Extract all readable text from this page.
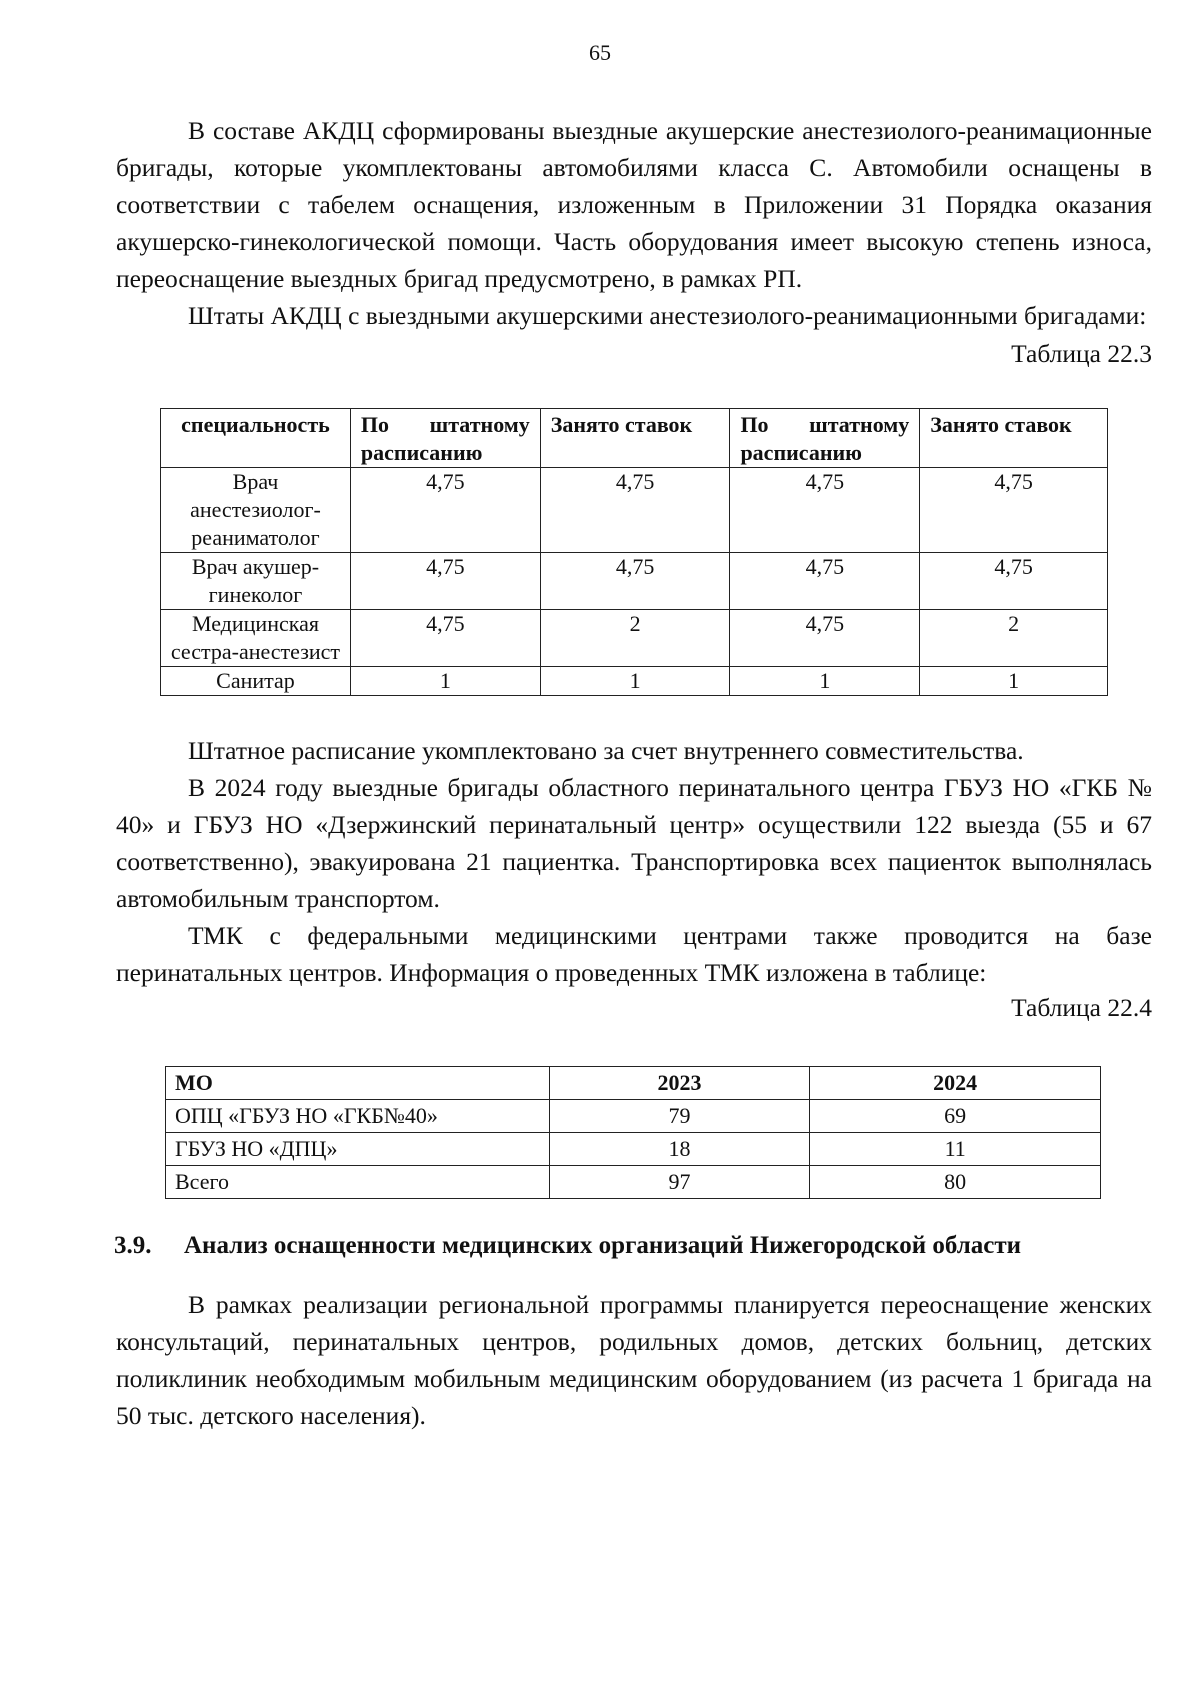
65

В составе АКДЦ сформированы выездные акушерские анестезиолого-реанимационные бригады, которые укомплектованы автомобилями класса С. Автомобили оснащены в соответствии с табелем оснащения, изложенным в Приложении 31 Порядка оказания акушерско-гинекологической помощи. Часть оборудования имеет высокую степень износа, переоснащение выездных бригад предусмотрено, в рамках РП.

Штаты АКДЦ с выездными акушерскими анестезиолого-реанимационными бригадами:

Таблица 22.3
специальность	По штатному расписанию	Занято ставок	По штатному расписанию	Занято ставок
Врач анестезиолог-реаниматолог	4,75	4,75	4,75	4,75
Врач акушер-гинеколог	4,75	4,75	4,75	4,75
Медицинская сестра-анестезист	4,75	2	4,75	2
Санитар	1	1	1	1

Штатное расписание укомплектовано за счет внутреннего совместительства.

В 2024 году выездные бригады областного перинатального центра ГБУЗ НО «ГКБ № 40» и ГБУЗ НО «Дзержинский перинатальный центр» осуществили 122 выезда (55 и 67 соответственно), эвакуирована 21 пациентка. Транспортировка всех пациенток выполнялась автомобильным транспортом.

ТМК с федеральными медицинскими центрами также проводится на базе перинатальных центров. Информация о проведенных ТМК изложена в таблице:

Таблица 22.4
МО	2023	2024
ОПЦ «ГБУЗ НО «ГКБ№40»	79	69
ГБУЗ НО «ДПЦ»	18	11
Всего	97	80
3.9. Анализ оснащенности медицинских организаций Нижегородской области

В рамках реализации региональной программы планируется переоснащение женских консультаций, перинатальных центров, родильных домов, детских больниц, детских поликлиник необходимым мобильным медицинским оборудованием (из расчета 1 бригада на 50 тыс. детского населения).
